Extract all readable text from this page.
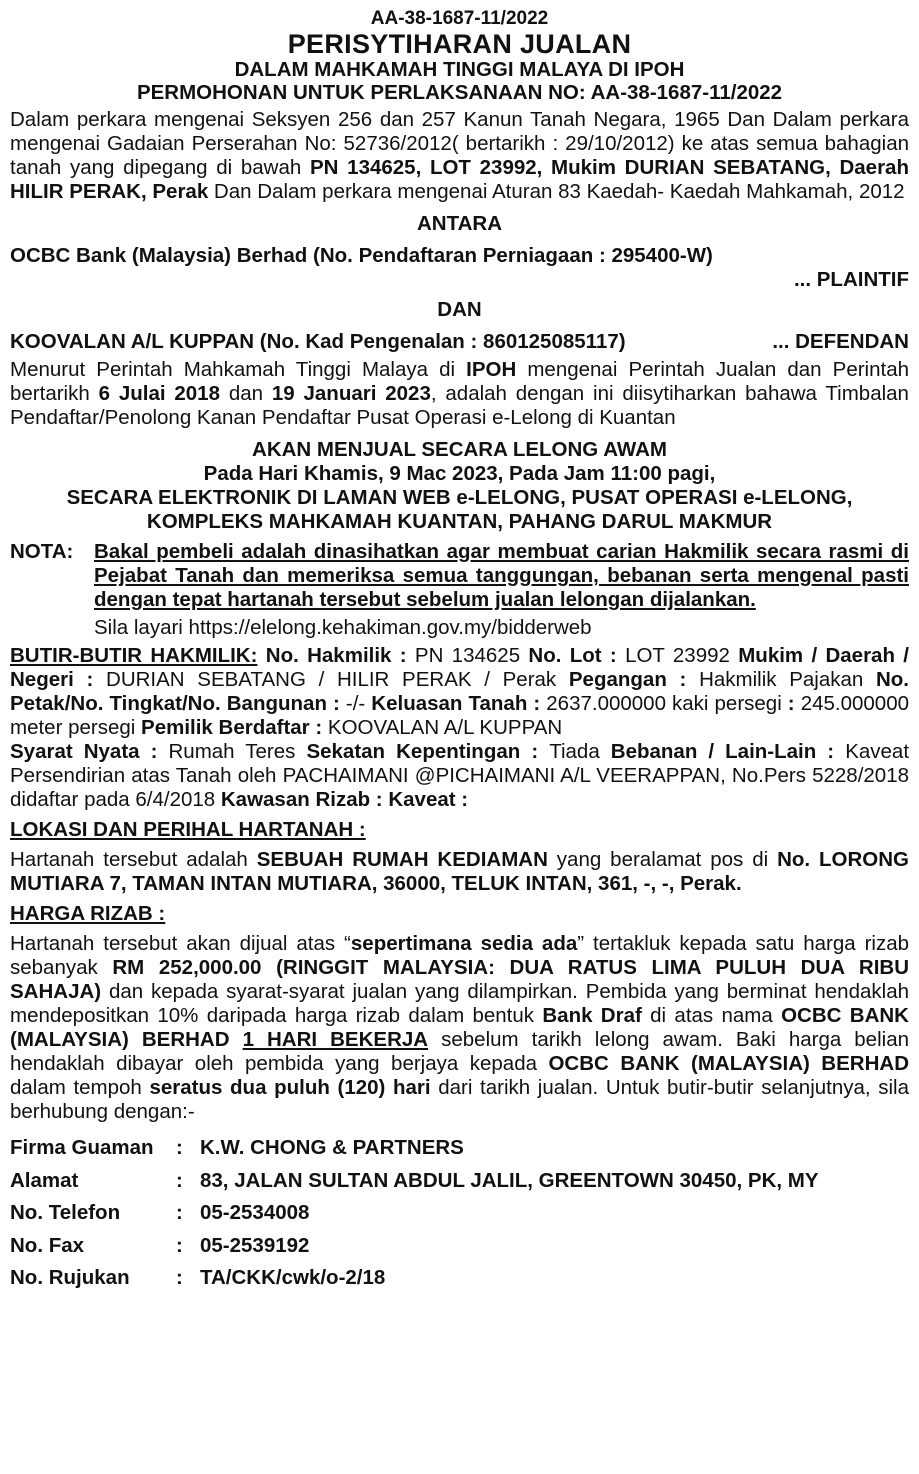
AA-38-1687-11/2022
PERISYTIHARAN JUALAN
DALAM MAHKAMAH TINGGI MALAYA DI IPOH
PERMOHONAN UNTUK PERLAKSANAAN NO: AA-38-1687-11/2022
Dalam perkara mengenai Seksyen 256 dan 257 Kanun Tanah Negara, 1965 Dan Dalam perkara mengenai Gadaian Perserahan No: 52736/2012( bertarikh : 29/10/2012) ke atas semua bahagian tanah yang dipegang di bawah PN 134625, LOT 23992, Mukim DURIAN SEBATANG, Daerah HILIR PERAK, Perak Dan Dalam perkara mengenai Aturan 83 Kaedah- Kaedah Mahkamah, 2012
ANTARA
OCBC Bank (Malaysia) Berhad (No. Pendaftaran Perniagaan : 295400-W)
... PLAINTIF
DAN
KOOVALAN A/L KUPPAN (No. Kad Pengenalan : 860125085117)	... DEFENDAN
Menurut Perintah Mahkamah Tinggi Malaya di IPOH mengenai Perintah Jualan dan Perintah bertarikh 6 Julai 2018 dan 19 Januari 2023, adalah dengan ini diisytiharkan bahawa Timbalan Pendaftar/Penolong Kanan Pendaftar Pusat Operasi e-Lelong di Kuantan
AKAN MENJUAL SECARA LELONG AWAM
Pada Hari Khamis, 9 Mac 2023, Pada Jam 11:00 pagi,
SECARA ELEKTRONIK DI LAMAN WEB e-LELONG, PUSAT OPERASI e-LELONG,
KOMPLEKS MAHKAMAH KUANTAN, PAHANG DARUL MAKMUR
NOTA:	Bakal pembeli adalah dinasihatkan agar membuat carian Hakmilik secara rasmi di Pejabat Tanah dan memeriksa semua tanggungan, bebanan serta mengenal pasti dengan tepat hartanah tersebut sebelum jualan lelongan dijalankan.
Sila layari https://elelong.kehakiman.gov.my/bidderweb
BUTIR-BUTIR HAKMILIK: No. Hakmilik : PN 134625 No. Lot : LOT 23992 Mukim / Daerah / Negeri : DURIAN SEBATANG / HILIR PERAK / Perak Pegangan : Hakmilik Pajakan No. Petak/No. Tingkat/No. Bangunan : -/- Keluasan Tanah : 2637.000000 kaki persegi : 245.000000 meter persegi Pemilik Berdaftar : KOOVALAN A/L KUPPAN
Syarat Nyata : Rumah Teres Sekatan Kepentingan : Tiada Bebanan / Lain-Lain : Kaveat Persendirian atas Tanah oleh PACHAIMANI @PICHAIMANI A/L VEERAPPAN, No.Pers 5228/2018 didaftar pada 6/4/2018 Kawasan Rizab : Kaveat :
LOKASI DAN PERIHAL HARTANAH :
Hartanah tersebut adalah SEBUAH RUMAH KEDIAMAN yang beralamat pos di No. LORONG MUTIARA 7, TAMAN INTAN MUTIARA, 36000, TELUK INTAN, 361, -, -, Perak.
HARGA RIZAB :
Hartanah tersebut akan dijual atas “sepertimana sedia ada” tertakluk kepada satu harga rizab sebanyak RM 252,000.00 (RINGGIT MALAYSIA: DUA RATUS LIMA PULUH DUA RIBU SAHAJA) dan kepada syarat-syarat jualan yang dilampirkan. Pembida yang berminat hendaklah mendepositkan 10% daripada harga rizab dalam bentuk Bank Draf di atas nama OCBC BANK (MALAYSIA) BERHAD 1 HARI BEKERJA sebelum tarikh lelong awam. Baki harga belian hendaklah dibayar oleh pembida yang berjaya kepada OCBC BANK (MALAYSIA) BERHAD dalam tempoh seratus dua puluh (120) hari dari tarikh jualan. Untuk butir-butir selanjutnya, sila berhubung dengan:-
Firma Guaman	: K.W. CHONG & PARTNERS
Alamat	: 83, JALAN SULTAN ABDUL JALIL, GREENTOWN 30450, PK, MY
No. Telefon	: 05-2534008
No. Fax	: 05-2539192
No. Rujukan	: TA/CKK/cwk/o-2/18
